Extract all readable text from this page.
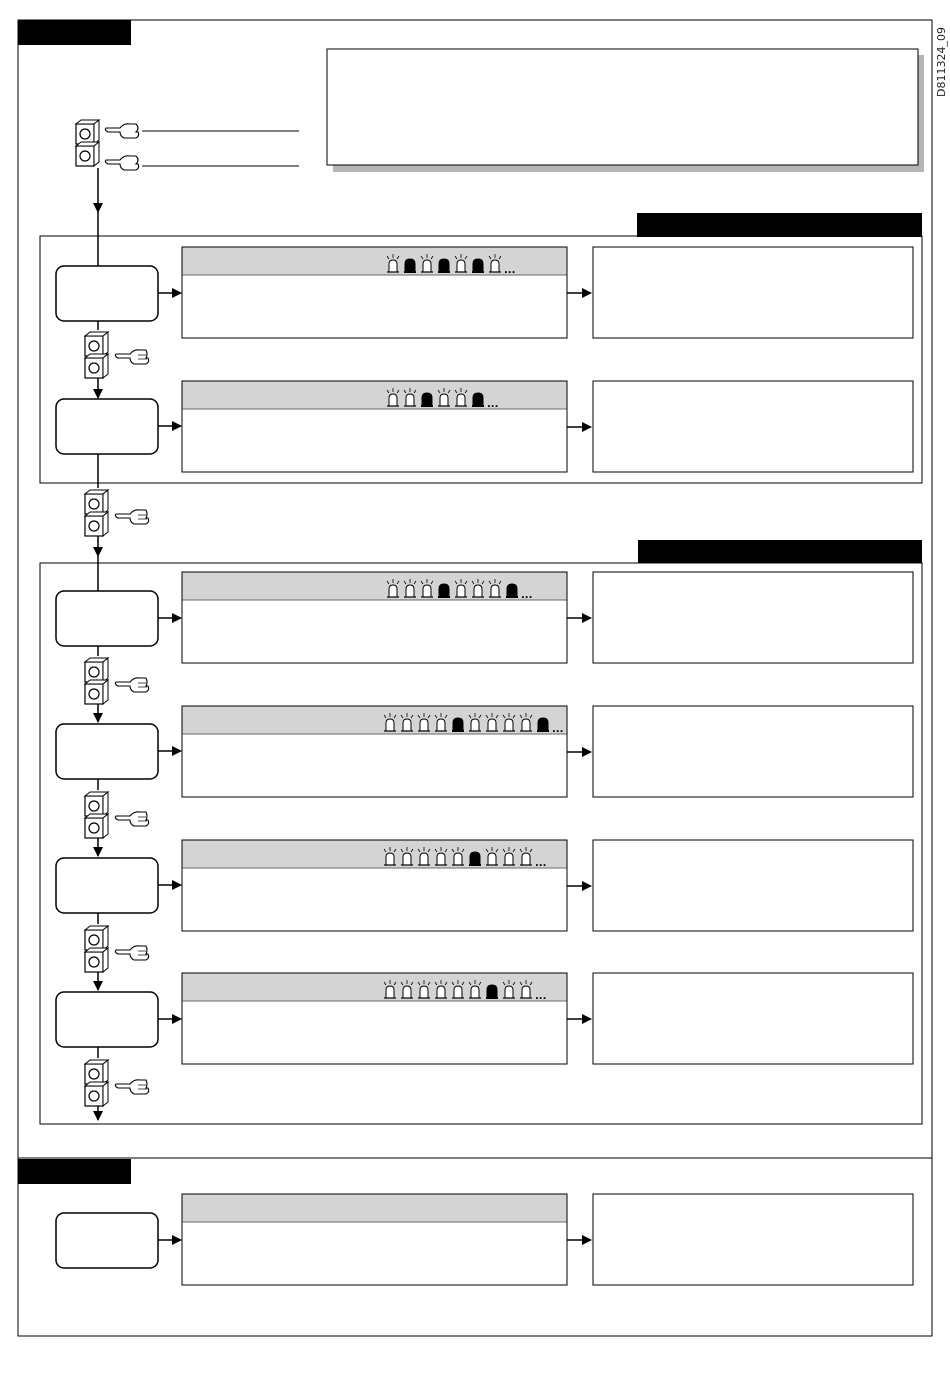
...
...
...
...
...
...
D811324_09
